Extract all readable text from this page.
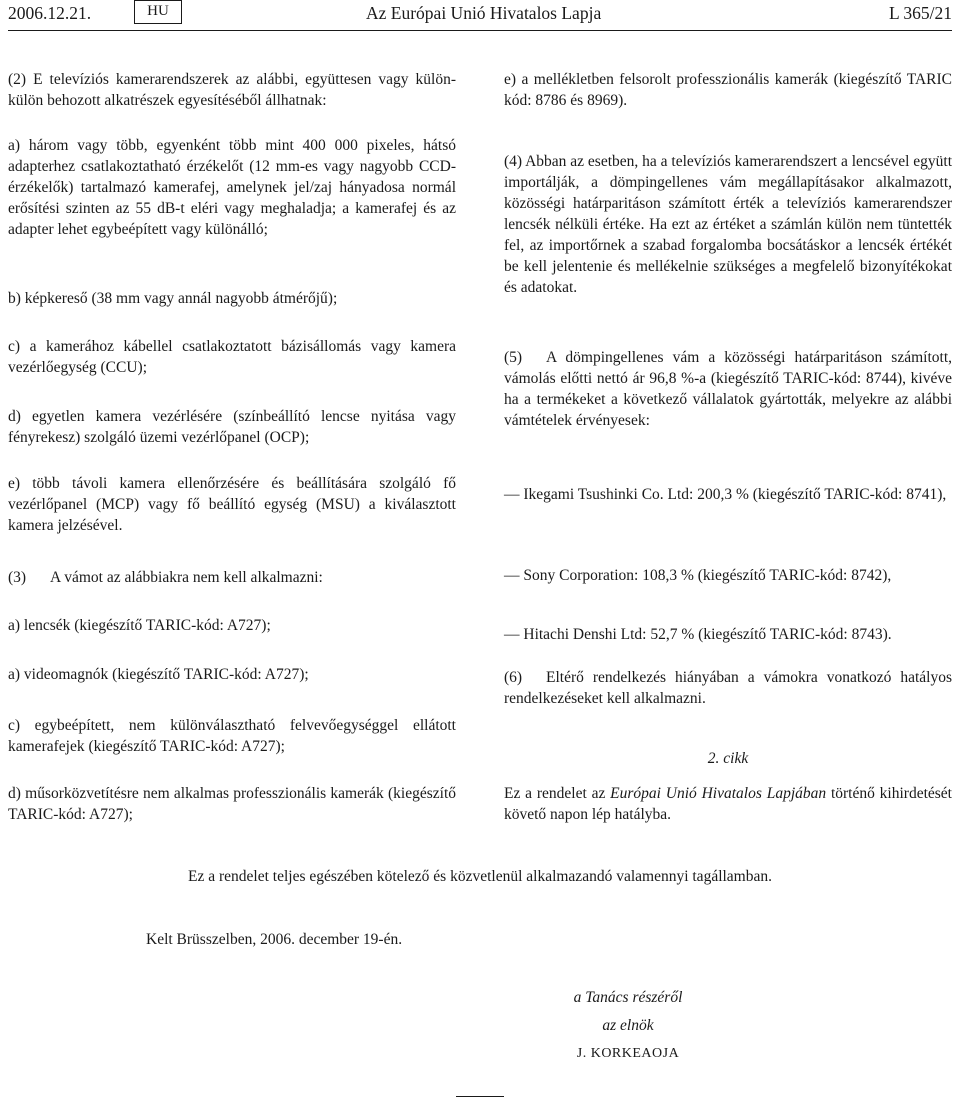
2006.12.21.	HU	Az Európai Unió Hivatalos Lapja	L 365/21

(2) E televíziós kamerarendszerek az alábbi, együttesen vagy külön-külön behozott alkatrészek egyesítéséből állhatnak:

a) három vagy több, egyenként több mint 400 000 pixeles, hátsó adapterhez csatlakoztatható érzékelőt (12 mm-es vagy nagyobb CCD-érzékelők) tartalmazó kamerafej, amelynek jel/zaj hányadosa normál erősítési szinten az 55 dB-t eléri vagy meghaladja; a kamerafej és az adapter lehet egybeépített vagy különálló;

b) képkereső (38 mm vagy annál nagyobb átmérőjű);

c) a kamerához kábellel csatlakoztatott bázisállomás vagy kamera vezérlőegység (CCU);

d) egyetlen kamera vezérlésére (színbeállító lencse nyitása vagy fényrekesz) szolgáló üzemi vezérlőpanel (OCP);

e) több távoli kamera ellenőrzésére és beállítására szolgáló fő vezérlőpanel (MCP) vagy fő beállító egység (MSU) a kiválasztott kamera jelzésével.

(3) A vámot az alábbiakra nem kell alkalmazni:

a) lencsék (kiegészítő TARIC-kód: A727);

a) videomagnók (kiegészítő TARIC-kód: A727);

c) egybeépített, nem különválasztható felvevőegységgel ellátott kamerafejek (kiegészítő TARIC-kód: A727);

d) műsorközvetítésre nem alkalmas professzionális kamerák (kiegészítő TARIC-kód: A727);

e) a mellékletben felsorolt professzionális kamerák (kiegészítő TARIC kód: 8786 és 8969).

(4) Abban az esetben, ha a televíziós kamerarendszert a lencsével együtt importálják, a dömpingellenes vám megállapításakor alkalmazott, közösségi határparitáson számított érték a televíziós kamerarendszer lencsék nélküli értéke. Ha ezt az értéket a számlán külön nem tüntették fel, az importőrnek a szabad forgalomba bocsátáskor a lencsék értékét be kell jelentenie és mellékelnie szükséges a megfelelő bizonyítékokat és adatokat.

(5) A dömpingellenes vám a közösségi határparitáson számított, vámolás előtti nettó ár 96,8 %-a (kiegészítő TARIC-kód: 8744), kivéve ha a termékeket a következő vállalatok gyártották, melyekre az alábbi vámtételek érvényesek:

— Ikegami Tsushinki Co. Ltd: 200,3 % (kiegészítő TARIC-kód: 8741),

— Sony Corporation: 108,3 % (kiegészítő TARIC-kód: 8742),

— Hitachi Denshi Ltd: 52,7 % (kiegészítő TARIC-kód: 8743).

(6) Eltérő rendelkezés hiányában a vámokra vonatkozó hatályos rendelkezéseket kell alkalmazni.

2. cikk

Ez a rendelet az Európai Unió Hivatalos Lapjában történő kihirdetését követő napon lép hatályba.

Ez a rendelet teljes egészében kötelező és közvetlenül alkalmazandó valamennyi tagállamban.

Kelt Brüsszelben, 2006. december 19-én.

a Tanács részéről
az elnök
J. KORKEAOJA
